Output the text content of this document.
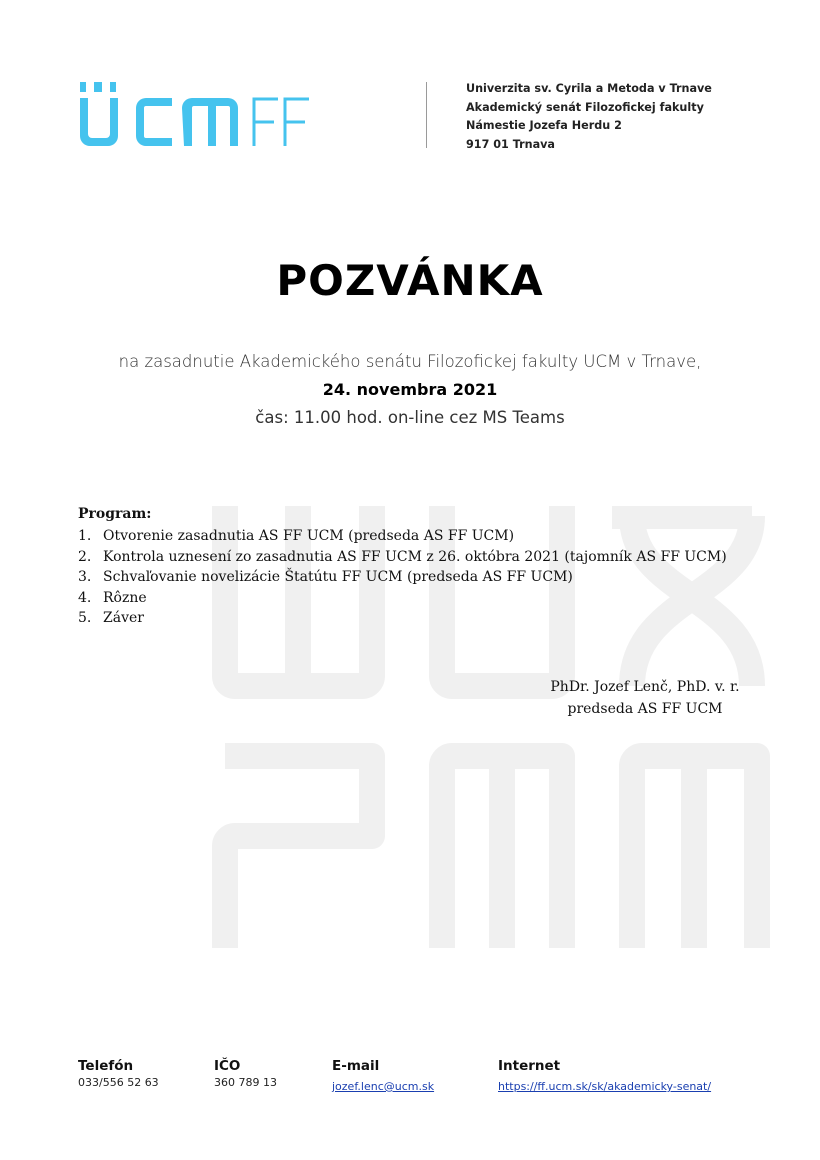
Univerzita sv. Cyrila a Metoda v Trnave
Akademický senát Filozofickej fakulty
Námestie Jozefa Herdu 2
917 01 Trnava
POZVÁNKA
na zasadnutie Akademického senátu Filozofickej fakulty UCM v Trnave,
24. novembra 2021
čas: 11.00 hod. on-line cez MS Teams
Program:
1. Otvorenie zasadnutia AS FF UCM (predseda AS FF UCM)
2. Kontrola uznesení zo zasadnutia AS FF UCM z 26. októbra 2021 (tajomník AS FF UCM)
3. Schvaľovanie novelizácie Štatútu FF UCM (predseda AS FF UCM)
4. Rôzne
5. Záver
PhDr. Jozef Lenč, PhD. v. r.
predseda AS FF UCM
Telefón
033/556 52 63
IČO
360 789 13
E-mail
jozef.lenc@ucm.sk
Internet
https://ff.ucm.sk/sk/akademicky-senat/
